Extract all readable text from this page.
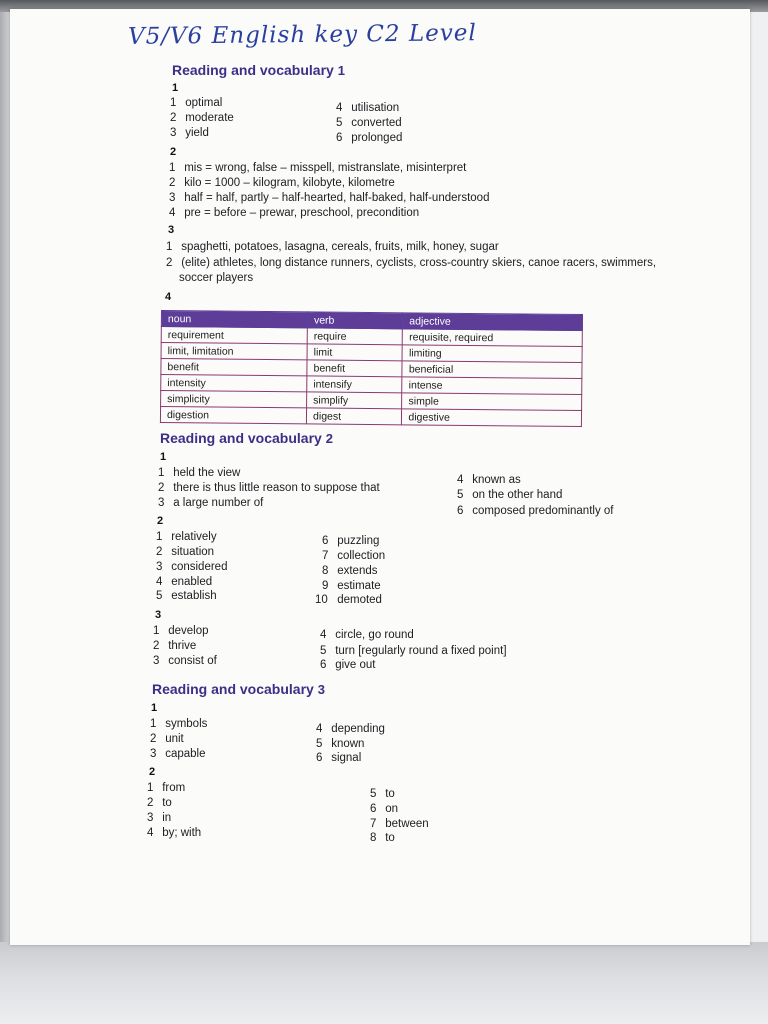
V5/V6 English key C2 Level
Reading and vocabulary 1
1
1 optimal
2 moderate
3 yield
4 utilisation
5 converted
6 prolonged
2
1 mis = wrong, false – misspell, mistranslate, misinterpret
2 kilo = 1000 – kilogram, kilobyte, kilometre
3 half = half, partly – half-hearted, half-baked, half-understood
4 pre = before – prewar, preschool, precondition
3
1 spaghetti, potatoes, lasagna, cereals, fruits, milk, honey, sugar
2 (elite) athletes, long distance runners, cyclists, cross-country skiers, canoe racers, swimmers,
soccer players
4
noun	verb	adjective
requirement	require	requisite, required
limit, limitation	limit	limiting
benefit	benefit	beneficial
intensity	intensify	intense
simplicity	simplify	simple
digestion	digest	digestive
Reading and vocabulary 2
1
1 held the view
2 there is thus little reason to suppose that
3 a large number of
4 known as
5 on the other hand
6 composed predominantly of
2
1 relatively
2 situation
3 considered
4 enabled
5 establish
6 puzzling
7 collection
8 extends
9 estimate
10 demoted
3
1 develop
2 thrive
3 consist of
4 circle, go round
5 turn [regularly round a fixed point]
6 give out
Reading and vocabulary 3
1
1 symbols
2 unit
3 capable
4 depending
5 known
6 signal
2
1 from
2 to
3 in
4 by; with
5 to
6 on
7 between
8 to
